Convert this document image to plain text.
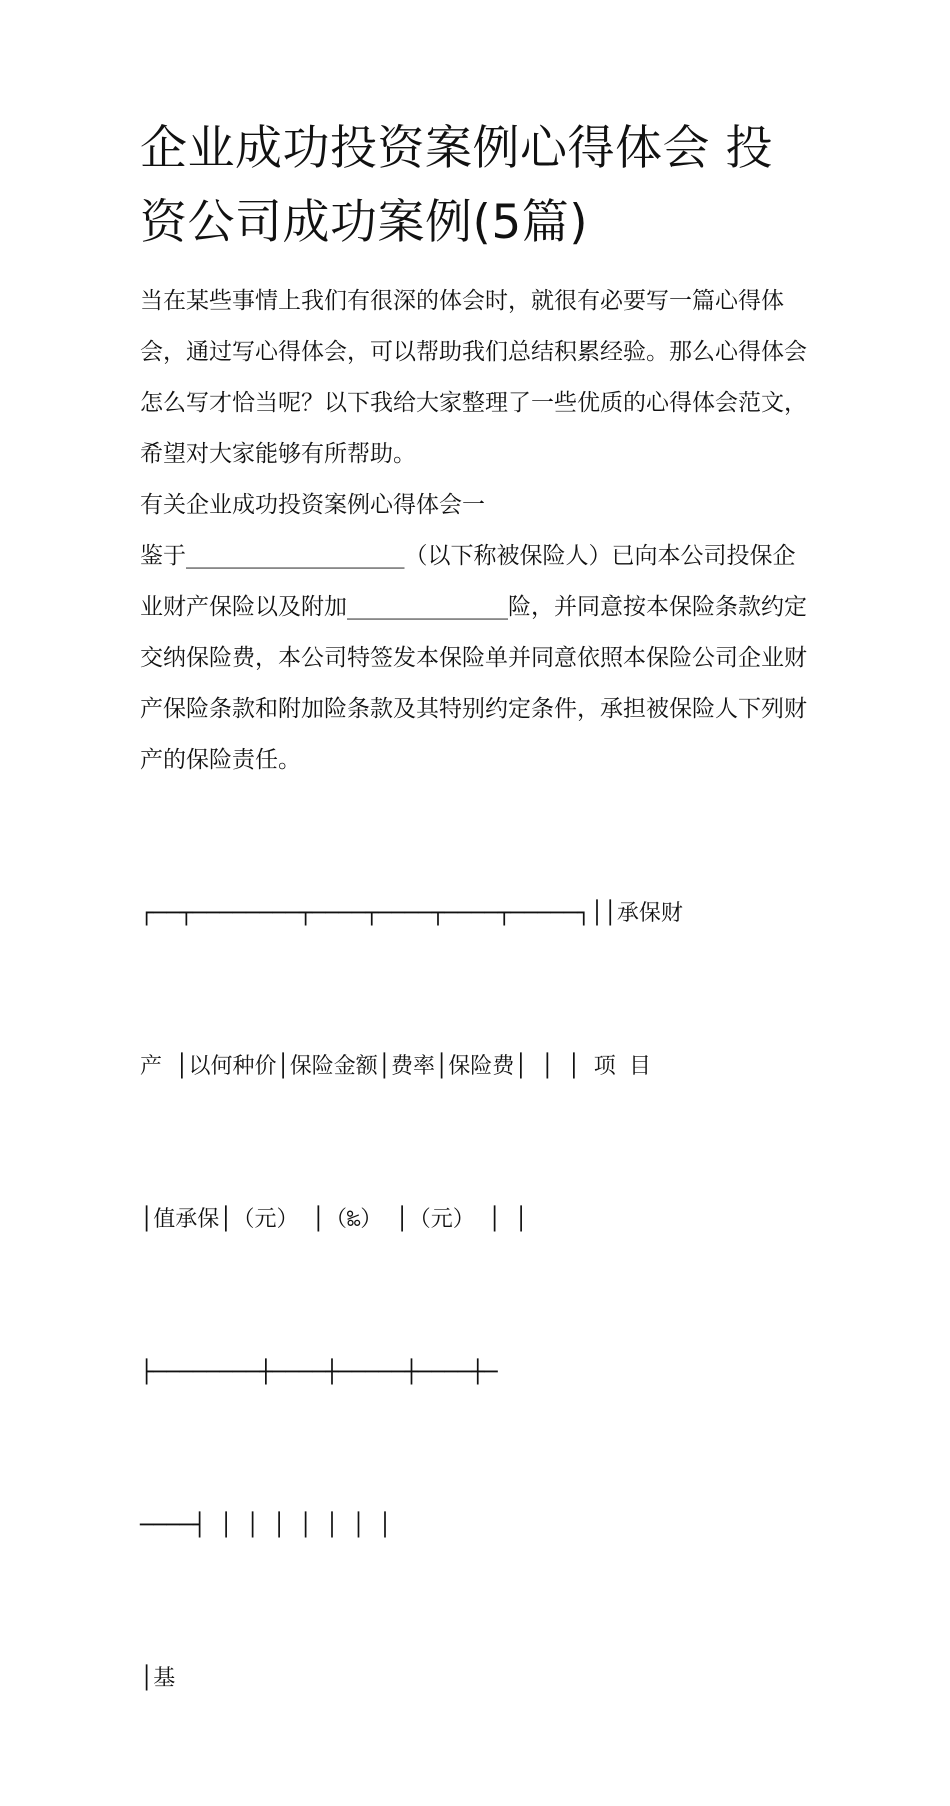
企业成功投资案例心得体会 投资公司成功案例(5篇)

当在某些事情上我们有很深的体会时，就很有必要写一篇心得体会，通过写心得体会，可以帮助我们总结积累经验。那么心得体会怎么写才恰当呢？以下我给大家整理了一些优质的心得体会范文，希望对大家能够有所帮助。

有关企业成功投资案例心得体会一

鉴于___________________（以下称被保险人）已向本公司投保企业财产保险以及附加______________险，并同意按本保险条款约定交纳保险费，本公司特签发本保险单并同意依照本保险公司企业财产保险条款和附加险条款及其特别约定条件，承担被保险人下列财产的保险责任。

┌──┬────────┬────┬────┬────┬─────┐││承保财

产 │以何种价│保险金额│费率│保险费│ │ │ 项 目

│值承保│（元） │（‰） │（元） │ │

├────────┼────┼─────┼────┼─

────┤ │ │ │ │ │ │ │

│基
